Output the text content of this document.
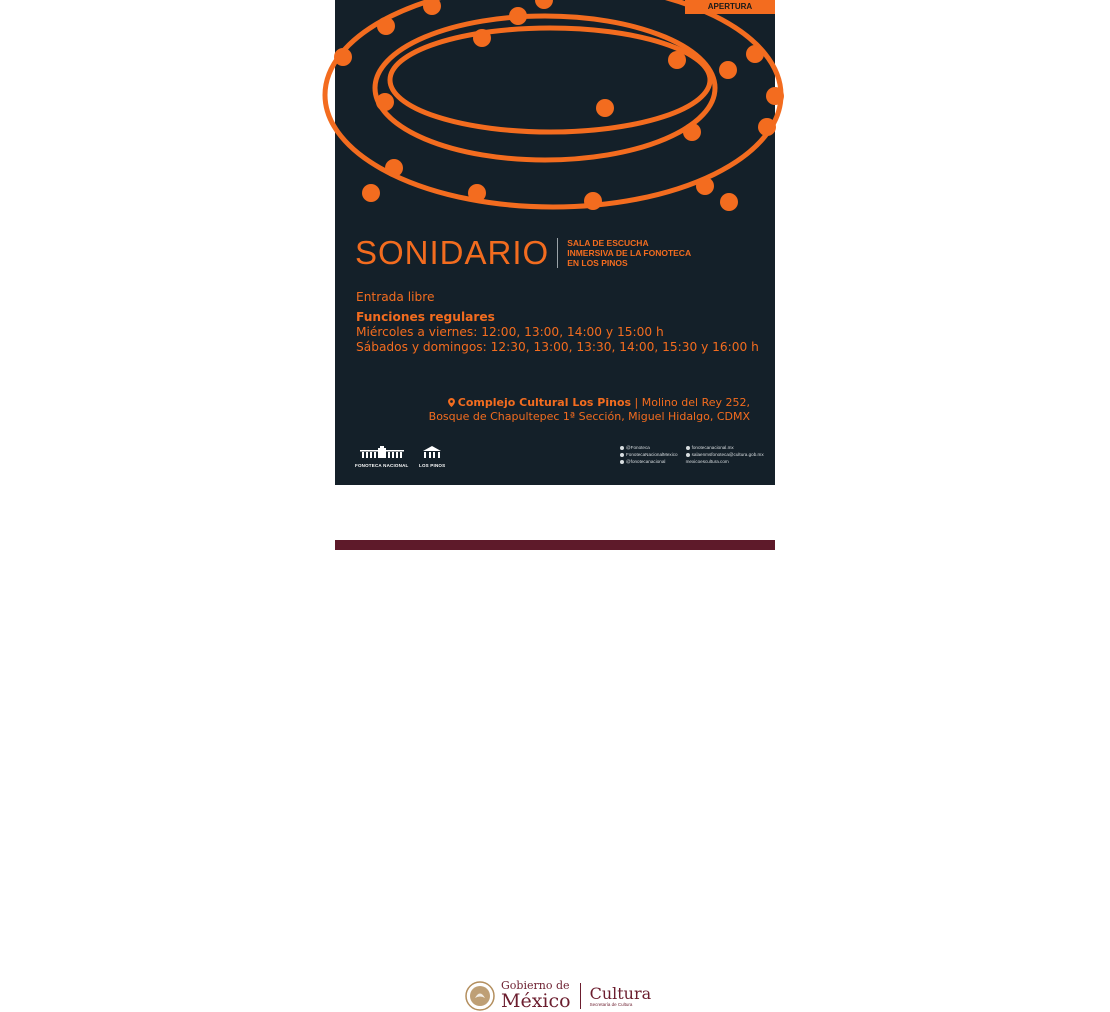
APERTURA
SONIDARIO SALA DE ESCUCHA
INMERSIVA DE LA FONOTECA
EN LOS PINOS
Entrada libre
Funciones regulares
Miércoles a viernes: 12:00, 13:00, 14:00 y 15:00 h
Sábados y domingos: 12:30, 13:00, 13:30, 14:00, 15:30 y 16:00 h
Complejo Cultural Los Pinos | Molino del Rey 252,
Bosque de Chapultepec 1ª Sección, Miguel Hidalgo, CDMX
FONOTECA NACIONAL LOS PINOS
@Fonoteca
FonotecaNacionalMexico
@fonotecanacional
fonotecanacional.mx
salaenmsfonoteca@cultura.gob.mx
mexicoescultura.com
Gobierno de
México Cultura
Secretaría de Cultura
